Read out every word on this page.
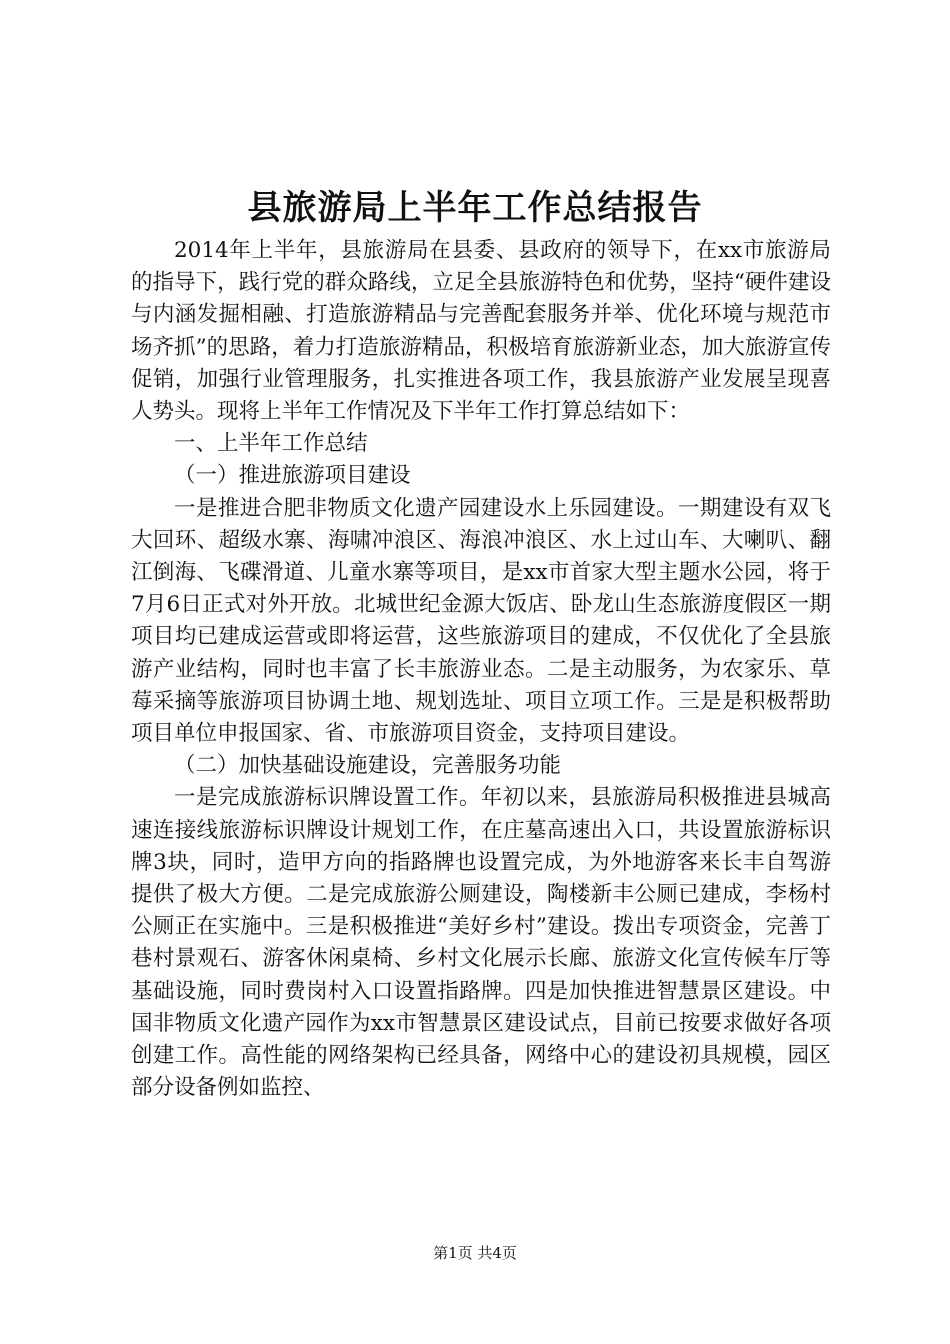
县旅游局上半年工作总结报告

2014年上半年，县旅游局在县委、县政府的领导下，在xx市旅游局的指导下，践行党的群众路线，立足全县旅游特色和优势，坚持“硬件建设与内涵发掘相融、打造旅游精品与完善配套服务并举、优化环境与规范市场齐抓”的思路，着力打造旅游精品，积极培育旅游新业态，加大旅游宣传促销，加强行业管理服务，扎实推进各项工作，我县旅游产业发展呈现喜人势头。现将上半年工作情况及下半年工作打算总结如下：

一、上半年工作总结

（一）推进旅游项目建设

一是推进合肥非物质文化遗产园建设水上乐园建设。一期建设有双飞大回环、超级水寨、海啸冲浪区、海浪冲浪区、水上过山车、大喇叭、翻江倒海、飞碟滑道、儿童水寨等项目，是xx市首家大型主题水公园，将于7月6日正式对外开放。北城世纪金源大饭店、卧龙山生态旅游度假区一期项目均已建成运营或即将运营，这些旅游项目的建成，不仅优化了全县旅游产业结构，同时也丰富了长丰旅游业态。二是主动服务，为农家乐、草莓采摘等旅游项目协调土地、规划选址、项目立项工作。三是是积极帮助项目单位申报国家、省、市旅游项目资金，支持项目建设。

（二）加快基础设施建设，完善服务功能

一是完成旅游标识牌设置工作。年初以来，县旅游局积极推进县城高速连接线旅游标识牌设计规划工作，在庄墓高速出入口，共设置旅游标识牌3块，同时，造甲方向的指路牌也设置完成，为外地游客来长丰自驾游提供了极大方便。二是完成旅游公厕建设，陶楼新丰公厕已建成，李杨村公厕正在实施中。三是积极推进“美好乡村”建设。拨出专项资金，完善丁巷村景观石、游客休闲桌椅、乡村文化展示长廊、旅游文化宣传候车厅等基础设施，同时费岗村入口设置指路牌。四是加快推进智慧景区建设。中国非物质文化遗产园作为xx市智慧景区建设试点，目前已按要求做好各项创建工作。高性能的网络架构已经具备，网络中心的建设初具规模，园区部分设备例如监控、

第1页 共4页
